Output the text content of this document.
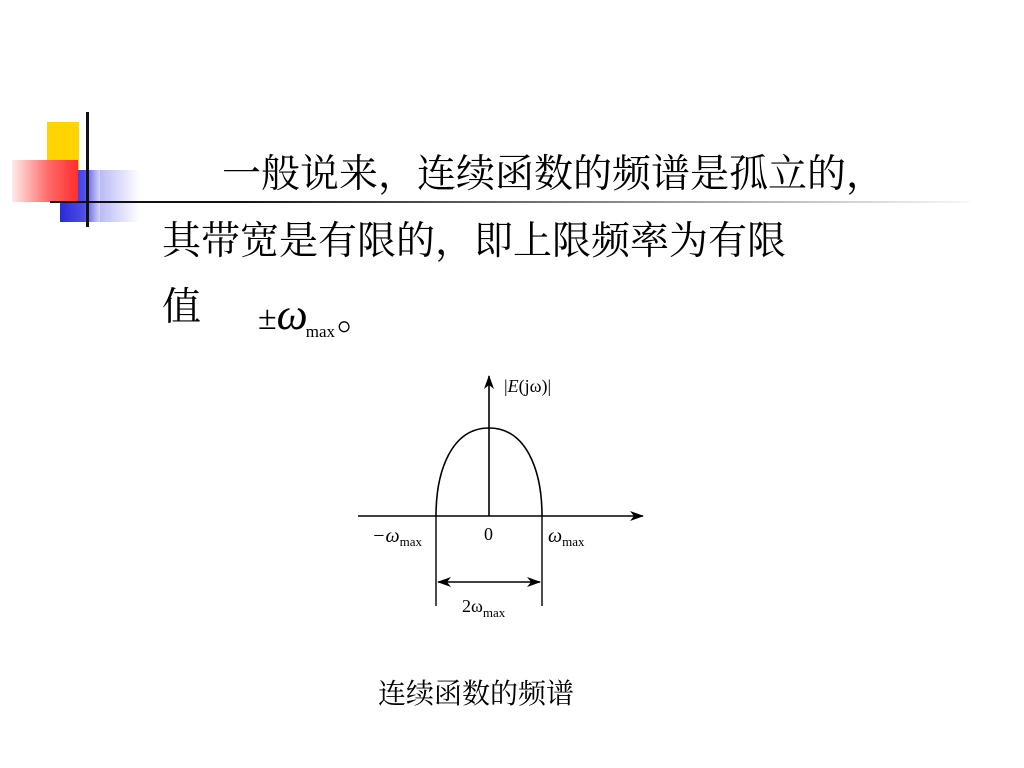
一般说来，连续函数的频谱是孤立的，
其带宽是有限的，即上限频率为有限
值	±ωmax。
|E(jω)|
0
$-\omega_{max}$	$\omega_{max}$
$2\omega_{max}$
连续函数的频谱
